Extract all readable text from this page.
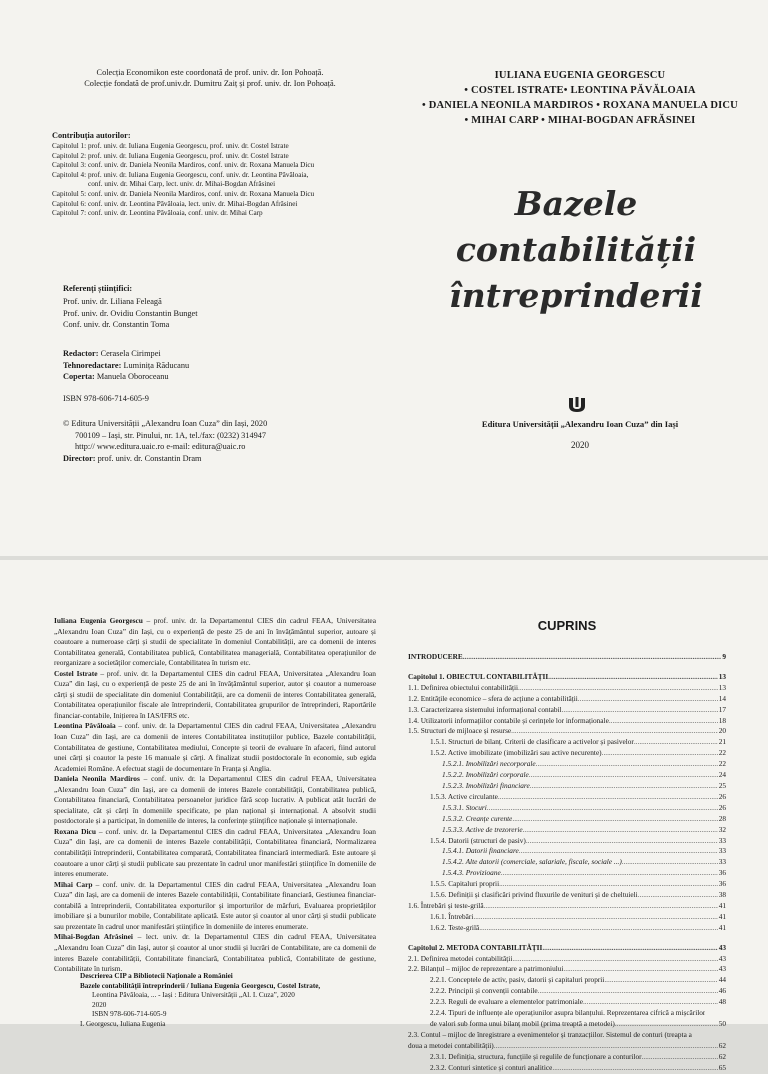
Colecția Economikon este coordonată de prof. univ. dr. Ion Pohoață.
Colecție fondată de prof.univ.dr. Dumitru Zaiț și prof. univ. dr. Ion Pohoață.
Contribuția autorilor:
Capitolul 1: prof. univ. dr. Iuliana Eugenia Georgescu, prof. univ. dr. Costel Istrate
Capitolul 2: prof. univ. dr. Iuliana Eugenia Georgescu, prof. univ. dr. Costel Istrate
Capitolul 3: conf. univ. dr. Daniela Neonila Mardiros, conf. univ. dr. Roxana Manuela Dicu
Capitolul 4: prof. univ. dr. Iuliana Eugenia Georgescu, conf. univ. dr. Leontina Păvăloaia,
conf. univ. dr. Mihai Carp, lect. univ. dr. Mihai-Bogdan Afrăsinei
Capitolul 5: conf. univ. dr. Daniela Neonila Mardiros, conf. univ. dr. Roxana Manuela Dicu
Capitolul 6: conf. univ. dr. Leontina Păvăloaia, lect. univ. dr. Mihai-Bogdan Afrăsinei
Capitolul 7: conf. univ. dr. Leontina Păvăloaia, conf. univ. dr. Mihai Carp
Referenți științifici:
Prof. univ. dr. Liliana Feleagă
Prof. univ. dr. Ovidiu Constantin Bunget
Conf. univ. dr. Constantin Toma
Redactor: Cerasela Cirimpei
Tehnoredactare: Luminița Răducanu
Coperta: Manuela Oboroceanu
ISBN 978-606-714-605-9
© Editura Universității „Alexandru Ioan Cuza” din Iași, 2020
700109 – Iași, str. Pinului, nr. 1A, tel./fax: (0232) 314947
http:// www.editura.uaic.ro e-mail: editura@uaic.ro
Director: prof. univ. dr. Constantin Dram
IULIANA EUGENIA GEORGESCU
• COSTEL ISTRATE• LEONTINA PĂVĂLOAIA
• DANIELA NEONILA MARDIROS • ROXANA MANUELA DICU
• MIHAI CARP • MIHAI-BOGDAN AFRĂSINEI
Bazele contabilității
întreprinderii
Editura Universității „Alexandru Ioan Cuza” din Iași
2020

Iuliana Eugenia Georgescu – prof. univ. dr. la Departamentul CIES din cadrul FEAA, Universitatea „Alexandru Ioan Cuza” din Iași, cu o experiență de peste 25 de ani în învățământul superior, autoare și coautoare a numeroase cărți și studii de specialitate în domeniul Contabilității, are ca domenii de interes Contabilitatea generală, Contabilitatea publică, Contabilitatea managerială, Contabilitatea operațiunilor de reorganizare a societăților comerciale, Contabilitatea în turism etc.

Costel Istrate – prof. univ. dr. la Departamentul CIES din cadrul FEAA, Universitatea „Alexandru Ioan Cuza” din Iași, cu o experiență de peste 25 de ani în învățământul superior, autor și coautor a numeroase cărți și studii de specialitate din domeniul Contabilității, are ca domenii de interes Contabilitatea generală, Contabilitatea operațiunilor fiscale ale întreprinderii, Contabilitatea grupurilor de întreprinderi, Raportările financiar-contabile, Inițierea în IAS/IFRS etc.

Leontina Păvăloaia – conf. univ. dr. la Departamentul CIES din cadrul FEAA, Universitatea „Alexandru Ioan Cuza” din Iași, are ca domenii de interes Contabilitatea instituțiilor publice, Bazele contabilității, Contabilitatea de gestiune, Contabilitatea mediului, Concepte și teorii de evaluare în afaceri, fiind autorul unei cărți și coautor la peste 16 manuale și cărți. A finalizat studii postdoctorale în economie, sub egida Academiei Române. A efectuat stagii de documentare în Franța și Anglia.

Daniela Neonila Mardiros – conf. univ. dr. la Departamentul CIES din cadrul FEAA, Universitatea „Alexandru Ioan Cuza” din Iași, are ca domenii de interes Bazele contabilității, Contabilitatea publică, Contabilitatea financiară, Contabilitatea persoanelor juridice fără scop lucrativ. A publicat atât lucrări de specialitate, cât și cărți în domeniile specificate, pe plan național și internațional. A absolvit studii postdoctorale și a participat, în domeniile de interes, la conferințe științifice naționale și internaționale.

Roxana Dicu – conf. univ. dr. la Departamentul CIES din cadrul FEAA, Universitatea „Alexandru Ioan Cuza” din Iași, are ca domenii de interes Bazele contabilității, Contabilitatea financiară, Normalizarea contabilității întreprinderii, Contabilitatea comparată, Contabilitatea financiară intermediară. Este autoare și coautoare a unor cărți și studii publicate sau prezentate în cadrul unor manifestări științifice în domeniile de interes enumerate.

Mihai Carp – conf. univ. dr. la Departamentul CIES din cadrul FEAA, Universitatea „Alexandru Ioan Cuza” din Iași, are ca domenii de interes Bazele contabilității, Contabilitate financiară, Gestiunea financiar-contabilă a întreprinderii, Contabilitatea exporturilor și importurilor de mărfuri, Evaluarea proprietăților imobiliare și a bunurilor mobile, Contabilitate aplicată. Este autor și coautor al unor cărți și studii publicate sau prezentate în cadrul unor manifestări științifice în domeniile de interes enumerate.

Mihai-Bogdan Afrăsinei – lect. univ. dr. la Departamentul CIES din cadrul FEAA, Universitatea „Alexandru Ioan Cuza” din Iași, autor și coautor al unor studii și lucrări de Contabilitate, are ca domenii de interes Bazele contabilității, Contabilitate financiară, Contabilitatea publică, Contabilitate de gestiune, Contabilitate în turism.

Descrierea CIP a Bibliotecii Naționale a României
Bazele contabilității întreprinderii / Iuliana Eugenia Georgescu, Costel Istrate,
Leontina Păvăloaia, ... - Iași : Editura Universității „Al. I. Cuza”, 2020
2020
ISBN 978-606-714-605-9
I. Georgescu, Iuliana Eugenia
CUPRINS
INTRODUCERE .....	9
Capitolul 1. OBIECTUL CONTABILITĂȚII .....	13
1.1. Definirea obiectului contabilității .....	13
1.2. Entitățile economice – sfera de acțiune a contabilității .....	14
1.3. Caracterizarea sistemului informațional contabil .....	17
1.4. Utilizatorii informațiilor contabile și cerințele lor informaționale .....	18
1.5. Structuri de mijloace și resurse .....	20
1.5.1. Structuri de bilanț. Criterii de clasificare a activelor și pasivelor .....	21
1.5.2. Active imobilizate (imobilizări sau active necurente) .....	22
1.5.2.1. Imobilizări necorporale .....	22
1.5.2.2. Imobilizări corporale .....	24
1.5.2.3. Imobilizări financiare .....	25
1.5.3. Active circulante .....	26
1.5.3.1. Stocuri .....	26
1.5.3.2. Creanțe curente .....	28
1.5.3.3. Active de trezorerie .....	32
1.5.4. Datorii (structuri de pasiv) .....	33
1.5.4.1. Datorii financiare .....	33
1.5.4.2. Alte datorii (comerciale, salariale, fiscale, sociale ...) .....	33
1.5.4.3. Provizioane .....	36
1.5.5. Capitaluri proprii .....	36
1.5.6. Definiții și clasificări privind fluxurile de venituri și de cheltuieli .....	38
1.6. Întrebări și teste-grilă .....	41
1.6.1. Întrebări .....	41
1.6.2. Teste-grilă .....	41
Capitolul 2. METODA CONTABILITĂȚII .....	43
2.1. Definirea metodei contabilității .....	43
2.2. Bilanțul – mijloc de reprezentare a patrimoniului .....	43
2.2.1. Conceptele de activ, pasiv, datorii și capitaluri proprii .....	44
2.2.2. Principii și convenții contabile .....	46
2.2.3. Reguli de evaluare a elementelor patrimoniale .....	48
2.2.4. Tipuri de influențe ale operațiunilor asupra bilanțului. Reprezentarea cifrică a mișcărilor
de valori sub forma unui bilanț mobil (prima treaptă a metodei) .....	50
2.3. Contul – mijloc de înregistrare a evenimentelor și tranzacțiilor. Sistemul de conturi (treapta a
doua a metodei contabilității) .....	62
2.3.1. Definiția, structura, funcțiile și regulile de funcționare a conturilor .....	62
2.3.2. Conturi sintetice și conturi analitice .....	65
